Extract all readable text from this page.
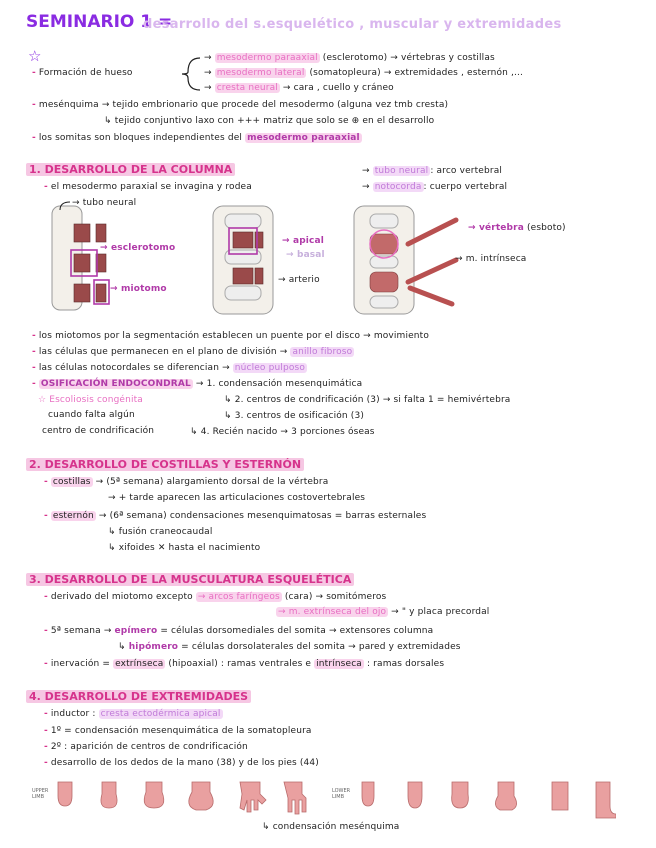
SEMINARIO 1 =
desarrollo del s.esquelético , muscular y extremidades
☆
- Formación de hueso
→ mesodermo paraaxial (esclerotomo) → vértebras y costillas
→ mesodermo lateral (somatopleura) → extremidades , esternón ,...
→ cresta neural → cara , cuello y cráneo
- mesénquima → tejido embrionario que procede del mesodermo (alguna vez tmb cresta)
↳ tejido conjuntivo laxo con +++ matriz que solo se ⊕ en el desarrollo
- los somitas son bloques independientes del mesodermo paraaxial
1. DESARROLLO DE LA COLUMNA
- el mesodermo paraxial se invagina y rodea
→ tubo neural : arco vertebral
→ notocorda : cuerpo vertebral
→ tubo neural
→ esclerotomo
→ miotomo
→ apical
→ basal
→ arterio
→ vértebra (esboto)
→ m. intrínseca
- los miotomos por la segmentación establecen un puente por el disco → movimiento
- las células que permanecen en el plano de división → anillo fibroso
- las células notocordales se diferencian → núcleo pulposo
- OSIFICACIÓN ENDOCONDRAL → 1. condensación mesenquimática
↳ 2. centros de condrificación (3) → si falta 1 = hemivértebra
↳ 3. centros de osificación (3)
↳ 4. Recién nacido → 3 porciones óseas
☆ Escoliosis congénita
cuando falta algún
centro de condrificación
2. DESARROLLO DE COSTILLAS Y ESTERNÓN
- costillas → (5ª semana) alargamiento dorsal de la vértebra
→ + tarde aparecen las articulaciones costovertebrales
- esternón → (6ª semana) condensaciones mesenquimatosas = barras esternales
↳ fusión craneocaudal
↳ xifoides ✕ hasta el nacimiento
3. DESARROLLO DE LA MUSCULATURA ESQUELÉTICA
- derivado del miotomo excepto → arcos faríngeos (cara) → somitómeros
→ m. extrínseca del ojo → " y placa precordal
- 5ª semana → epímero = células dorsomediales del somita → extensores columna
↳ hipómero = células dorsolaterales del somita → pared y extremidades
- inervación = extrínseca (hipoaxial) : ramas ventrales e intrínseca : ramas dorsales
4. DESARROLLO DE EXTREMIDADES
- inductor : cresta ectodérmica apical
- 1º = condensación mesenquimática de la somatopleura
- 2º : aparición de centros de condrificación
- desarrollo de los dedos de la mano (38) y de los pies (44)
UPPER LIMB
LOWER LIMB
↳ condensación mesénquima
